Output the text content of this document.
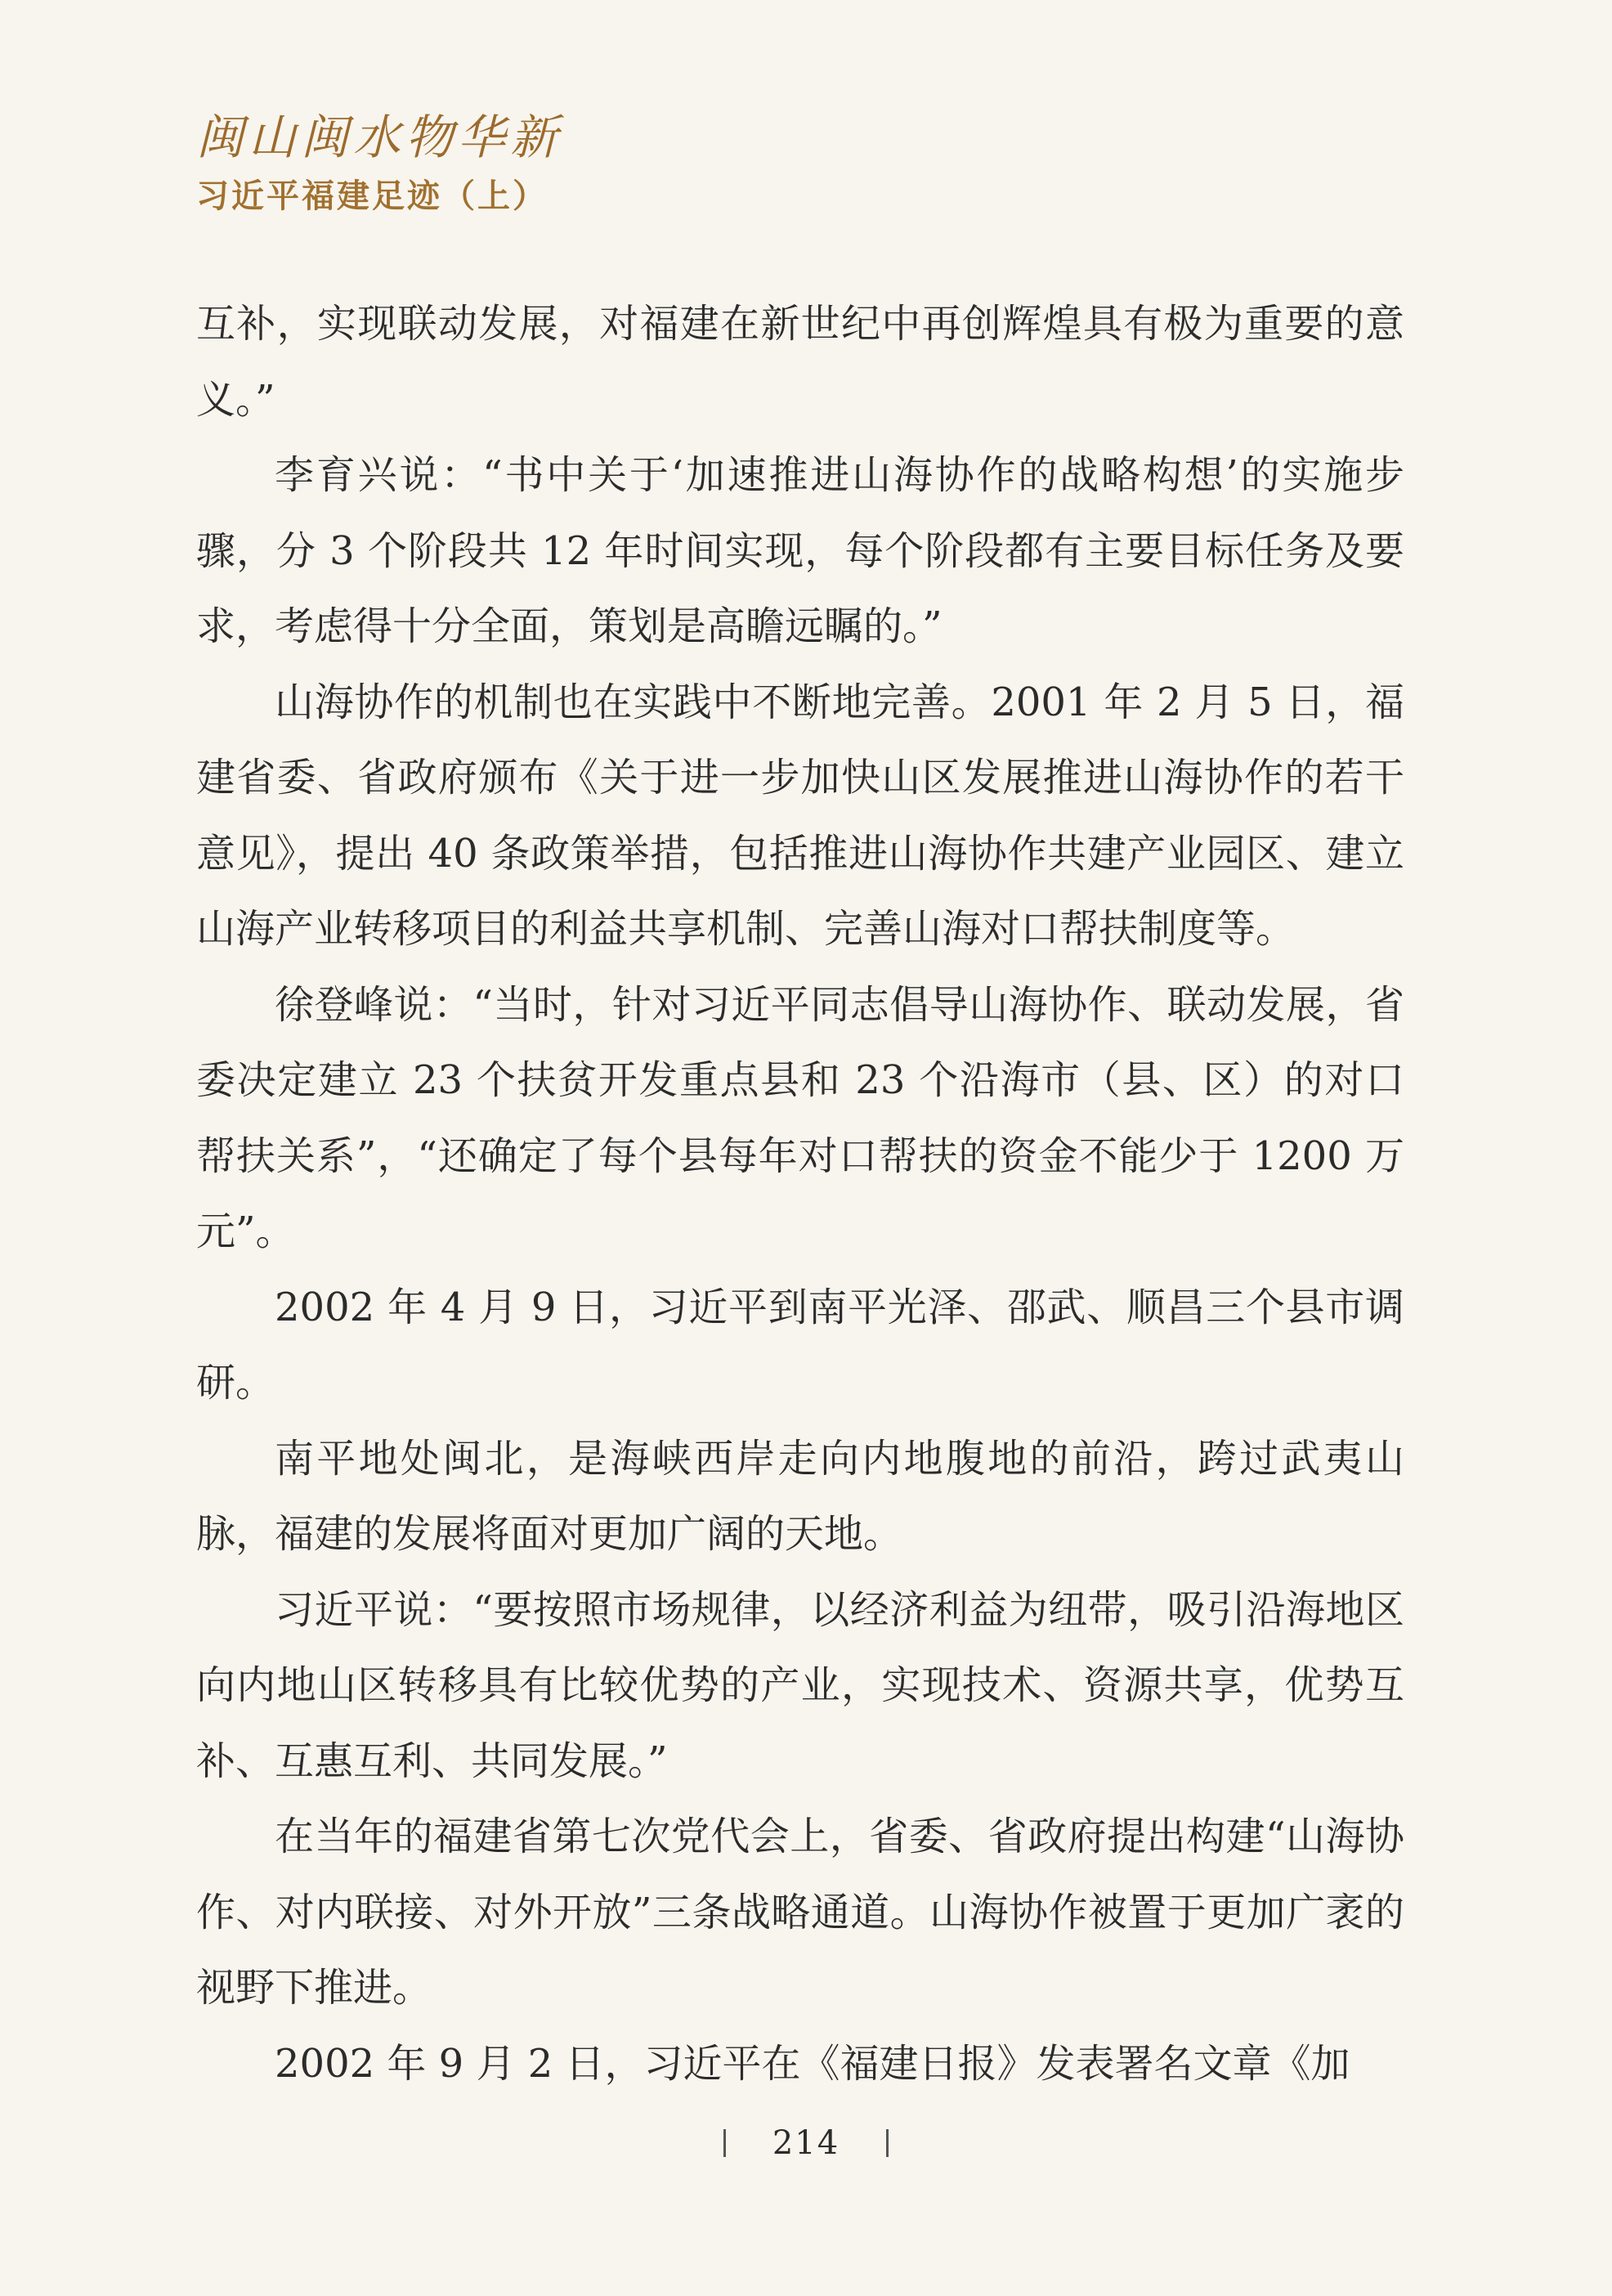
闽山闽水物华新
习近平福建足迹（上）

互补，实现联动发展，对福建在新世纪中再创辉煌具有极为重要的意义。”

李育兴说：“书中关于‘加速推进山海协作的战略构想’的实施步骤，分 3 个阶段共 12 年时间实现，每个阶段都有主要目标任务及要求，考虑得十分全面，策划是高瞻远瞩的。”

山海协作的机制也在实践中不断地完善。2001 年 2 月 5 日，福建省委、省政府颁布《关于进一步加快山区发展推进山海协作的若干意见》，提出 40 条政策举措，包括推进山海协作共建产业园区、建立山海产业转移项目的利益共享机制、完善山海对口帮扶制度等。

徐登峰说：“当时，针对习近平同志倡导山海协作、联动发展，省委决定建立 23 个扶贫开发重点县和 23 个沿海市（县、区）的对口帮扶关系”，“还确定了每个县每年对口帮扶的资金不能少于 1200 万元”。

2002 年 4 月 9 日，习近平到南平光泽、邵武、顺昌三个县市调研。

南平地处闽北，是海峡西岸走向内地腹地的前沿，跨过武夷山脉，福建的发展将面对更加广阔的天地。

习近平说：“要按照市场规律，以经济利益为纽带，吸引沿海地区向内地山区转移具有比较优势的产业，实现技术、资源共享，优势互补、互惠互利、共同发展。”

在当年的福建省第七次党代会上，省委、省政府提出构建“山海协作、对内联接、对外开放”三条战略通道。山海协作被置于更加广袤的视野下推进。

2002 年 9 月 2 日，习近平在《福建日报》发表署名文章《加

214
